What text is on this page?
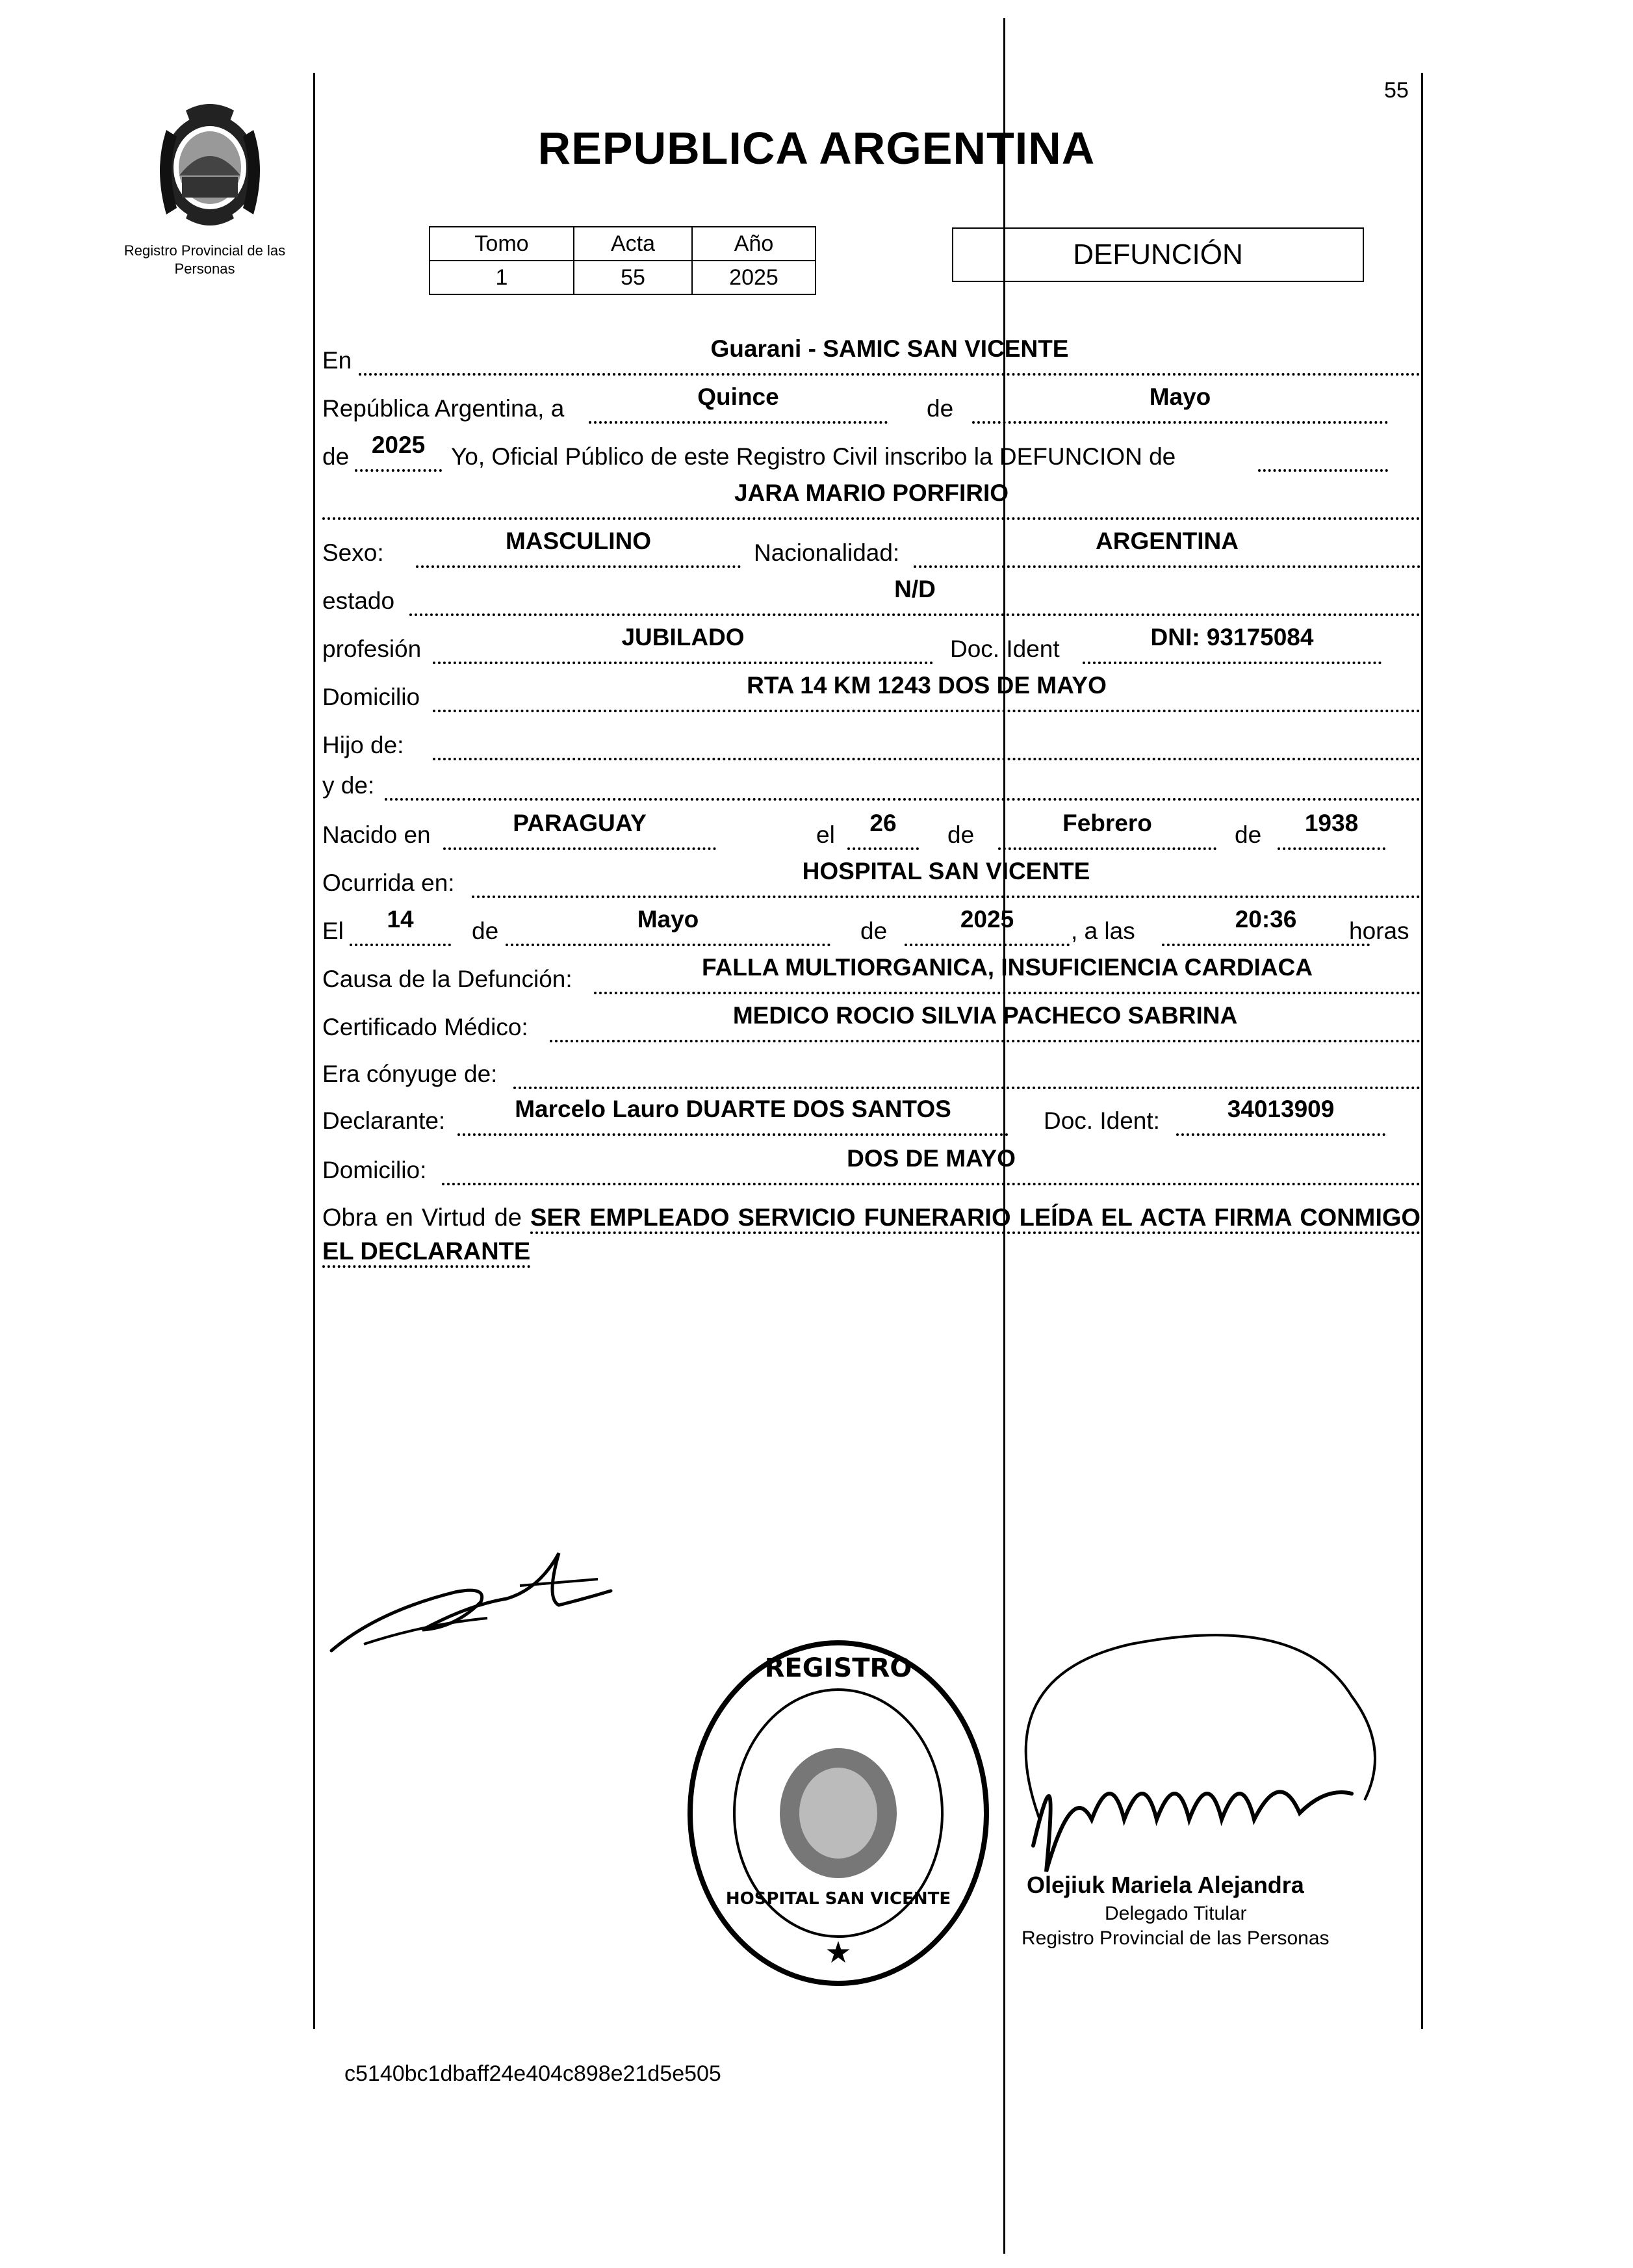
Registro Provincial de las Personas
55
REPUBLICA ARGENTINA
Tomo	Acta	Año
1	55	2025
DEFUNCIÓN
En	Guarani - SAMIC SAN VICENTE
República Argentina, a	Quince	de	Mayo
de 2025	Yo, Oficial Público de este Registro Civil inscribo la DEFUNCION de
JARA MARIO PORFIRIO
Sexo:	MASCULINO	Nacionalidad:	ARGENTINA
estado	N/D
profesión	JUBILADO	Doc. Ident	DNI: 93175084
Domicilio	RTA 14 KM 1243 DOS DE MAYO
Hijo de:
y de:
Nacido en	PARAGUAY	el	26	de	Febrero	de	1938
Ocurrida en:	HOSPITAL SAN VICENTE
El	14	de	Mayo	de	2025	, a las	20:36	horas
Causa de la Defunción:	FALLA MULTIORGANICA, INSUFICIENCIA CARDIACA
Certificado Médico:	MEDICO ROCIO SILVIA PACHECO SABRINA
Era cónyuge de:
Declarante:	Marcelo Lauro DUARTE DOS SANTOS	Doc. Ident:	34013909
Domicilio:	DOS DE MAYO
Obra en Virtud de SER EMPLEADO SERVICIO FUNERARIO LEÍDA EL ACTA FIRMA CONMIGO EL DECLARANTE
★
REGISTRO
HOSPITAL SAN VICENTE
Olejiuk Mariela Alejandra
Delegado Titular
Registro Provincial de las Personas
c5140bc1dbaff24e404c898e21d5e505
